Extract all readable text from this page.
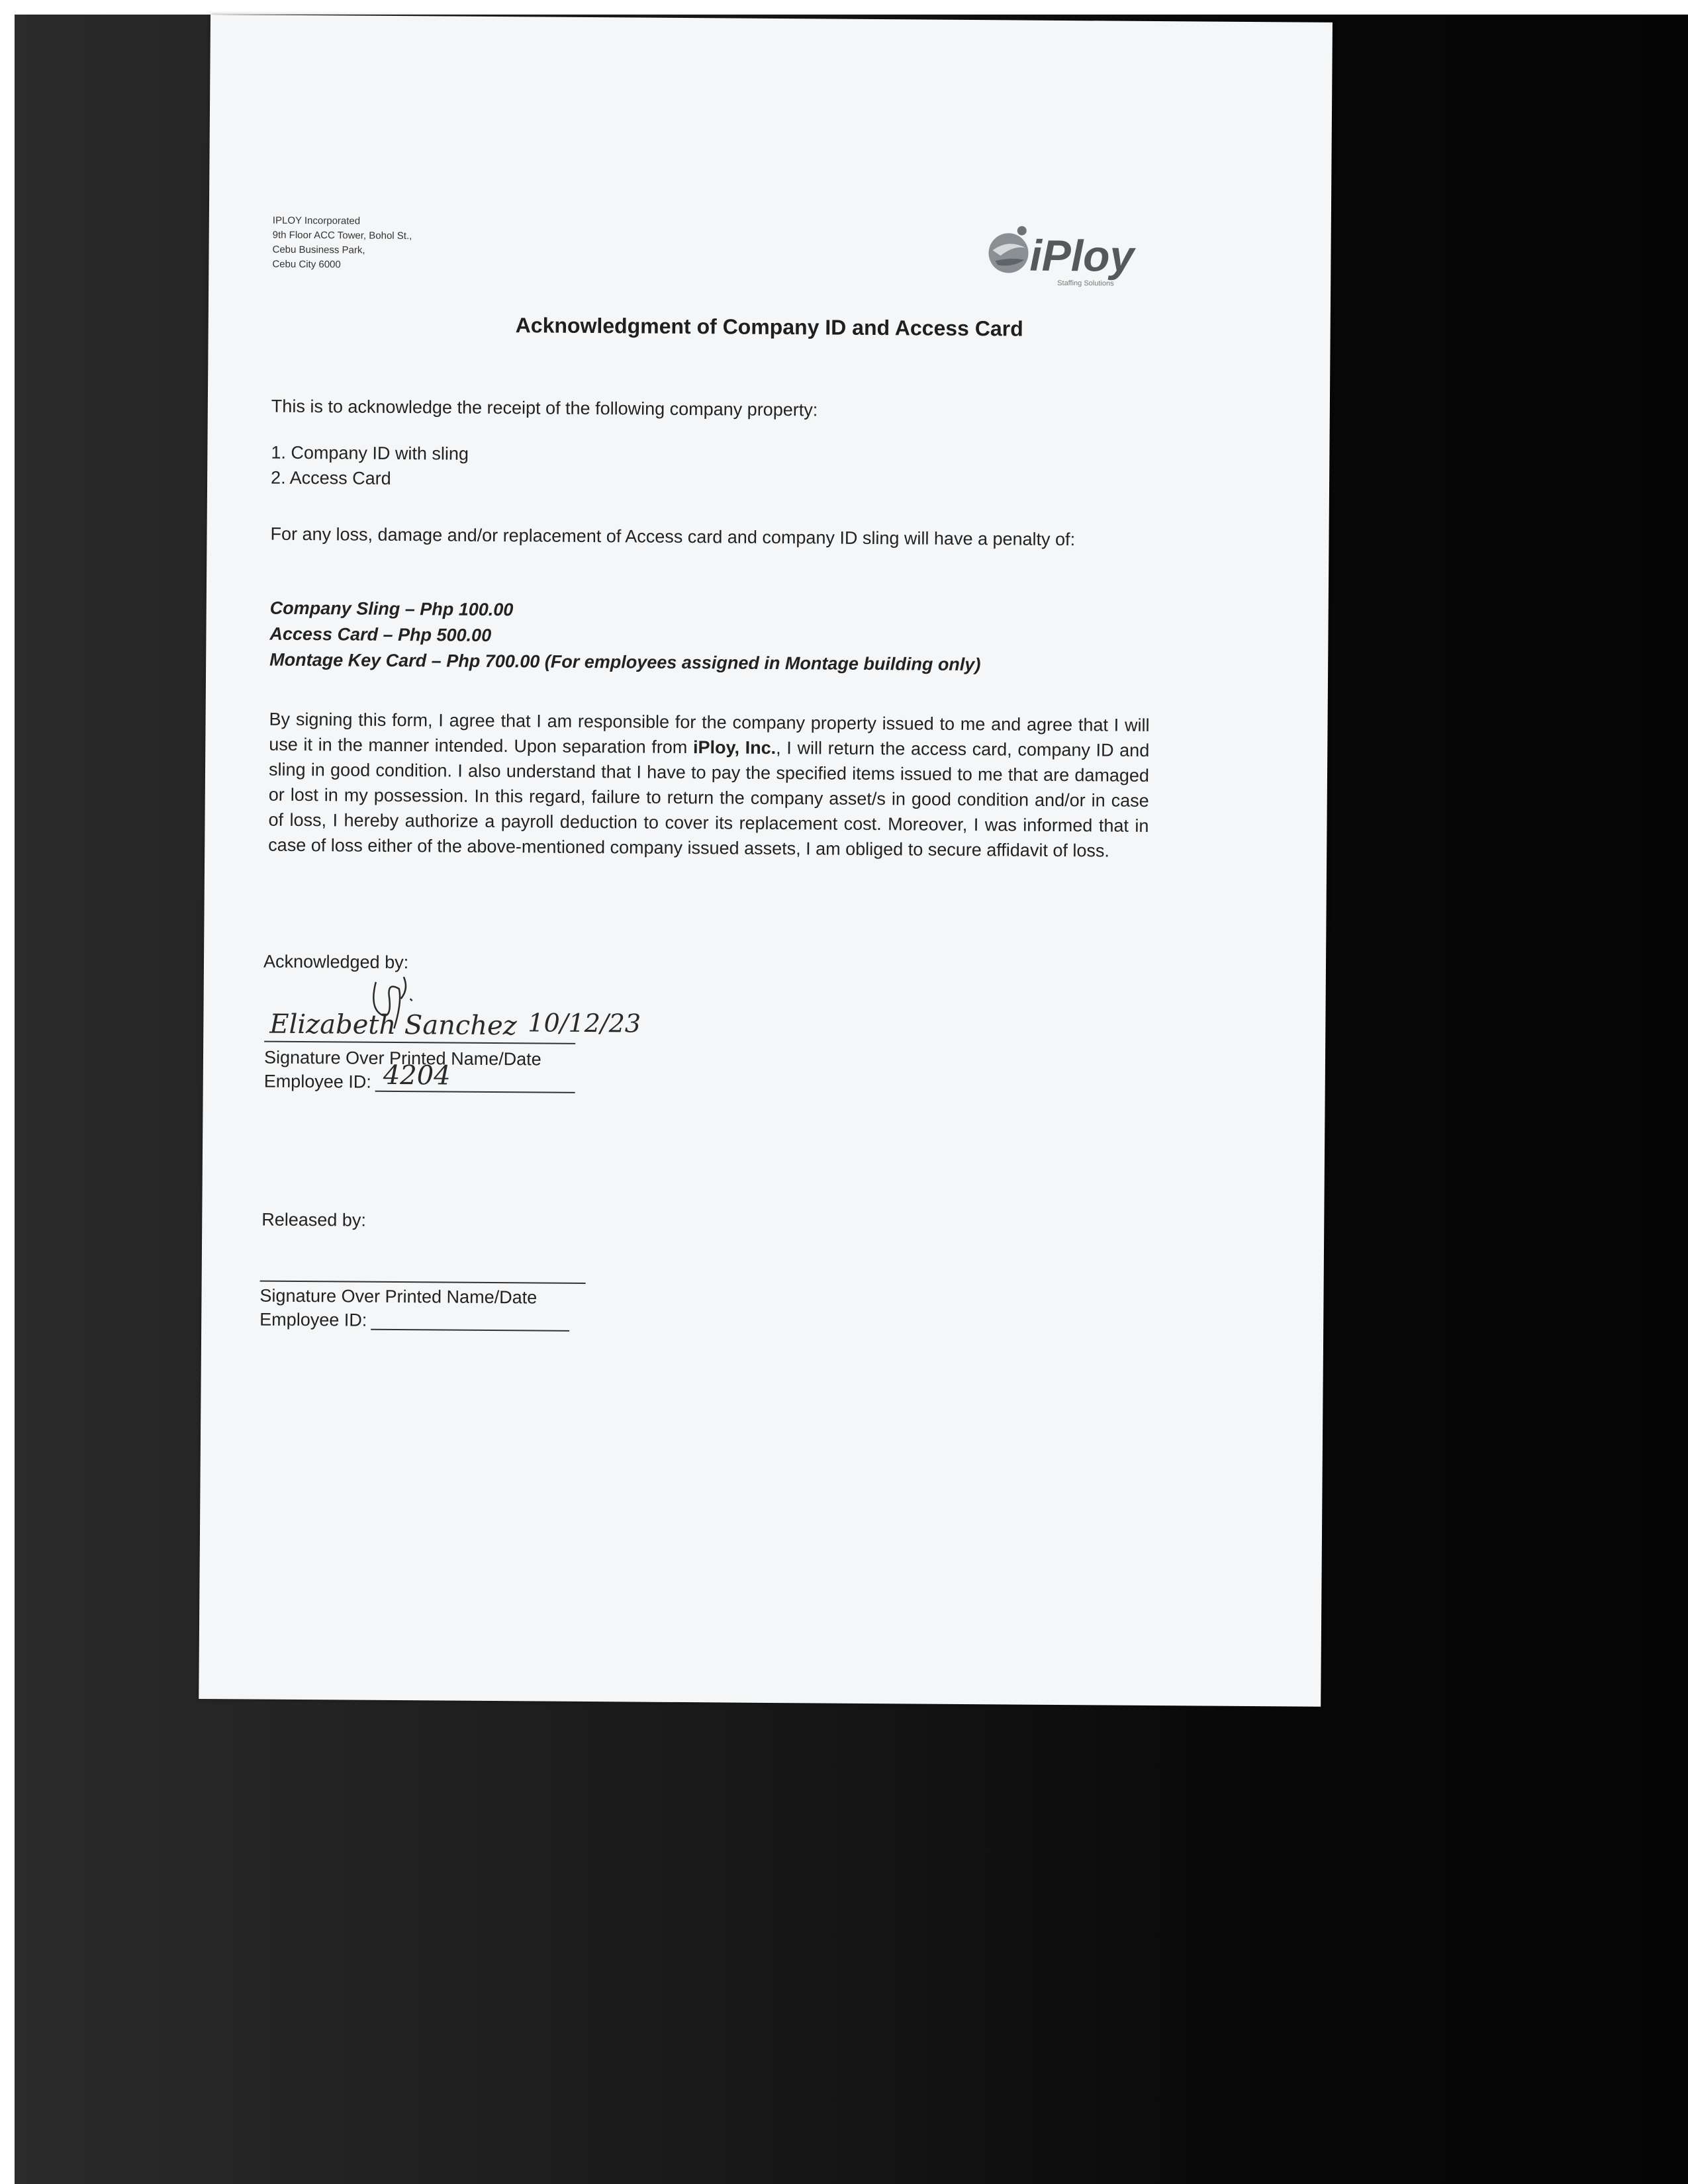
IPLOY Incorporated
9th Floor ACC Tower, Bohol St.,
Cebu Business Park,
Cebu City 6000	iPloy
Staffing Solutions
Acknowledgment of Company ID and Access Card
This is to acknowledge the receipt of the following company property:
1. Company ID with sling
2. Access Card
For any loss, damage and/or replacement of Access card and company ID sling will have a penalty of:
Company Sling – Php 100.00
Access Card – Php 500.00
Montage Key Card – Php 700.00 (For employees assigned in Montage building only)
By signing this form, I agree that I am responsible for the company property issued to me and agree that I will use it in the manner intended. Upon separation from iPloy, Inc., I will return the access card, company ID and sling in good condition. I also understand that I have to pay the specified items issued to me that are damaged or lost in my possession. In this regard, failure to return the company asset/s in good condition and/or in case of loss, I hereby authorize a payroll deduction to cover its replacement cost. Moreover, I was informed that in case of loss either of the above-mentioned company issued assets, I am obliged to secure affidavit of loss.
Acknowledged by:
Elizabeth Sanchez 10/12/23
Signature Over Printed Name/Date
Employee ID: 4204
Released by:
Signature Over Printed Name/Date
Employee ID:
